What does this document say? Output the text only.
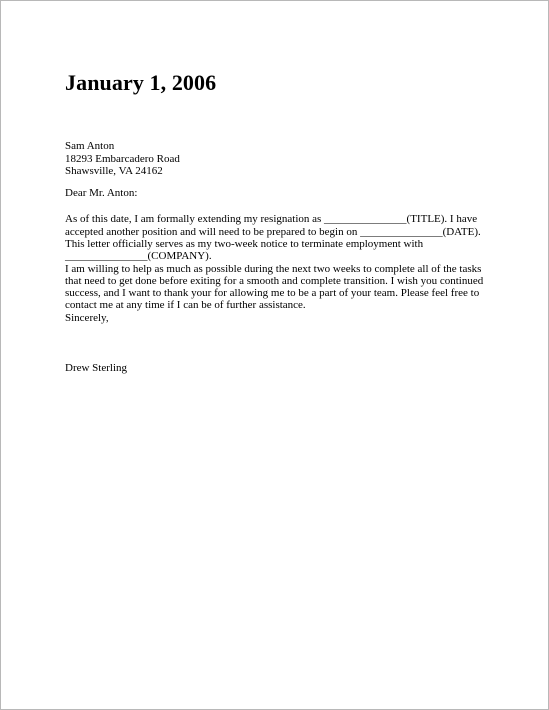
January 1, 2006
Sam Anton
18293 Embarcadero Road
Shawsville, VA 24162
Dear Mr. Anton:
As of this date, I am formally extending my resignation as _______________(TITLE). I have
accepted another position and will need to be prepared to begin on _______________(DATE).
This letter officially serves as my two-week notice to terminate employment with
_______________(COMPANY).
I am willing to help as much as possible during the next two weeks to complete all of the tasks
that need to get done before exiting for a smooth and complete transition. I wish you continued
success, and I want to thank your for allowing me to be a part of your team. Please feel free to
contact me at any time if I can be of further assistance.
Sincerely,
Drew Sterling
